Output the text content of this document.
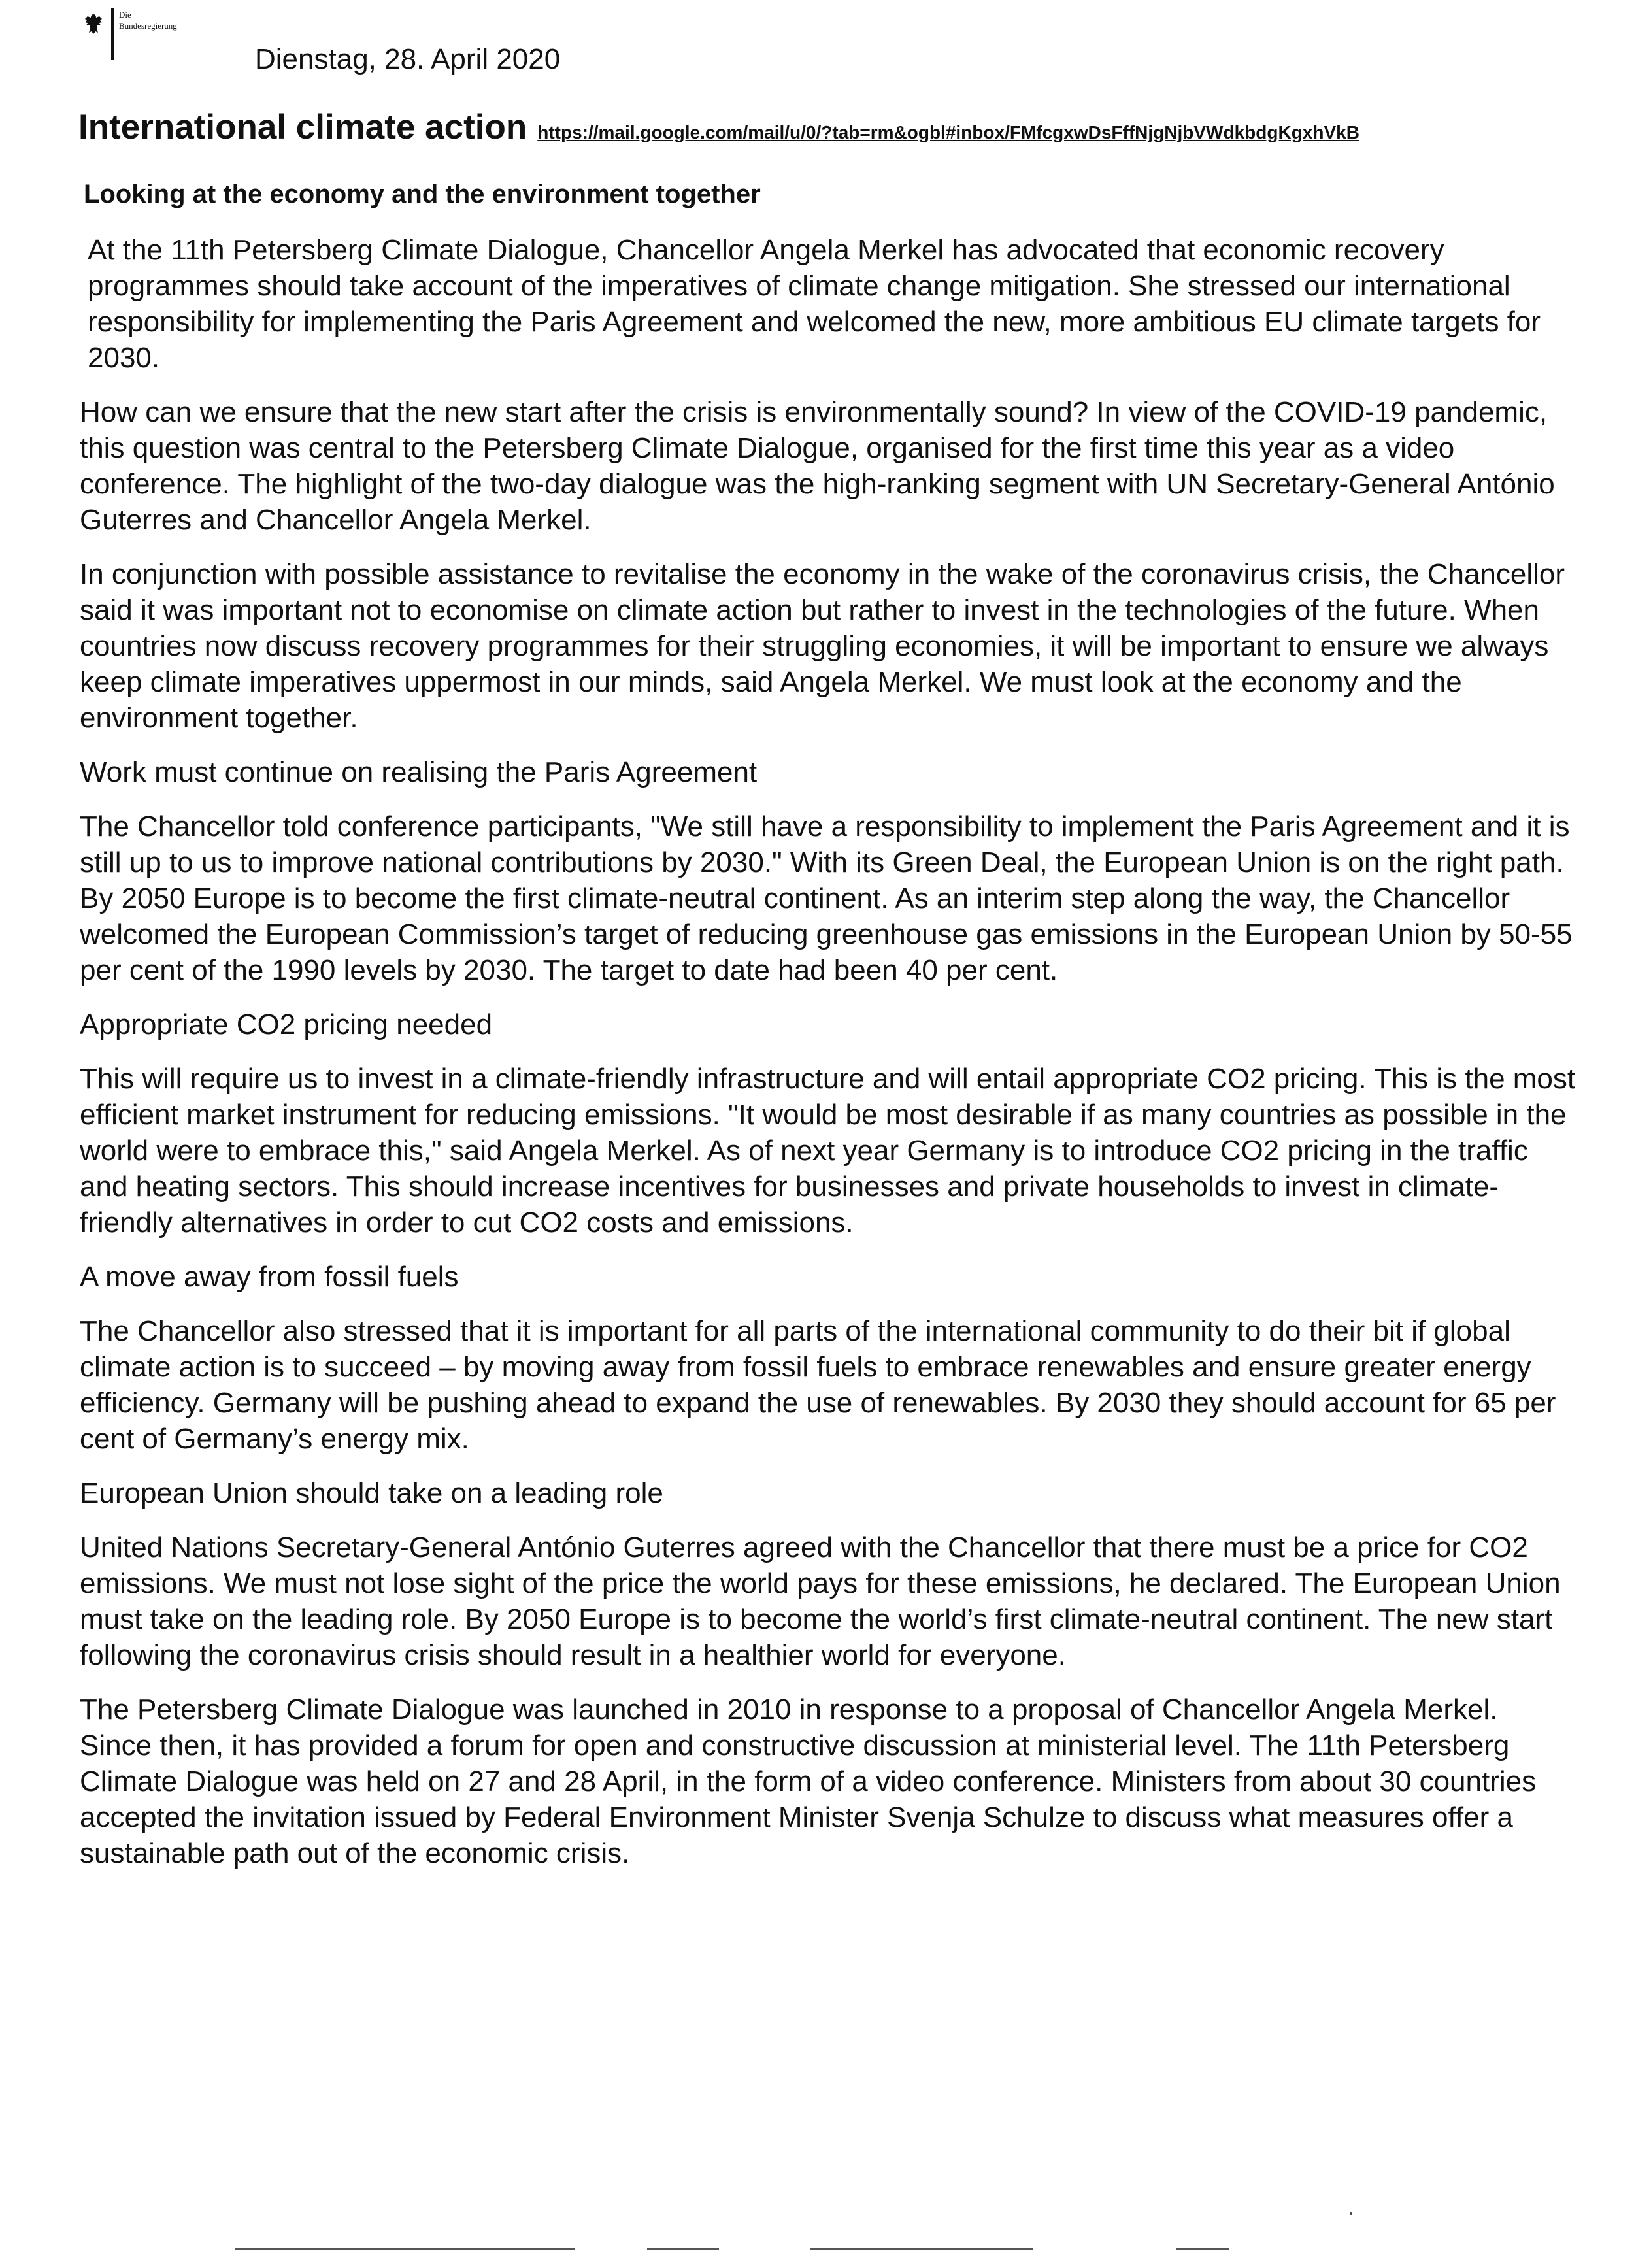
Die
Bundesregierung
Dienstag, 28. April 2020
International climate action https://mail.google.com/mail/u/0/?tab=rm&ogbl#inbox/FMfcgxwDsFffNjgNjbVWdkbdgKgxhVkB
Looking at the economy and the environment together

At the 11th Petersberg Climate Dialogue, Chancellor Angela Merkel has advocated that economic recovery programmes should take account of the imperatives of climate change mitigation. She stressed our international responsibility for implementing the Paris Agreement and welcomed the new, more ambitious EU climate targets for 2030.

How can we ensure that the new start after the crisis is environmentally sound? In view of the COVID-19 pandemic, this question was central to the Petersberg Climate Dialogue, organised for the first time this year as a video conference. The highlight of the two-day dialogue was the high-ranking segment with UN Secretary-General António Guterres and Chancellor Angela Merkel.

In conjunction with possible assistance to revitalise the economy in the wake of the coronavirus crisis, the Chancellor said it was important not to economise on climate action but rather to invest in the technologies of the future. When countries now discuss recovery programmes for their struggling economies, it will be important to ensure we always keep climate imperatives uppermost in our minds, said Angela Merkel. We must look at the economy and the environment together.

Work must continue on realising the Paris Agreement

The Chancellor told conference participants, "We still have a responsibility to implement the Paris Agreement and it is still up to us to improve national contributions by 2030." With its Green Deal, the European Union is on the right path. By 2050 Europe is to become the first climate-neutral continent. As an interim step along the way, the Chancellor welcomed the European Commission’s target of reducing greenhouse gas emissions in the European Union by 50-55 per cent of the 1990 levels by 2030. The target to date had been 40 per cent.

Appropriate CO2 pricing needed

This will require us to invest in a climate-friendly infrastructure and will entail appropriate CO2 pricing. This is the most efficient market instrument for reducing emissions. "It would be most desirable if as many countries as possible in the world were to embrace this," said Angela Merkel. As of next year Germany is to introduce CO2 pricing in the traffic and heating sectors. This should increase incentives for businesses and private households to invest in climate-friendly alternatives in order to cut CO2 costs and emissions.

A move away from fossil fuels

The Chancellor also stressed that it is important for all parts of the international community to do their bit if global climate action is to succeed – by moving away from fossil fuels to embrace renewables and ensure greater energy efficiency. Germany will be pushing ahead to expand the use of renewables. By 2030 they should account for 65 per cent of Germany’s energy mix.

European Union should take on a leading role

United Nations Secretary-General António Guterres agreed with the Chancellor that there must be a price for CO2 emissions. We must not lose sight of the price the world pays for these emissions, he declared. The European Union must take on the leading role. By 2050 Europe is to become the world’s first climate-neutral continent. The new start following the coronavirus crisis should result in a healthier world for everyone.

The Petersberg Climate Dialogue was launched in 2010 in response to a proposal of Chancellor Angela Merkel. Since then, it has provided a forum for open and constructive discussion at ministerial level. The 11th Petersberg Climate Dialogue was held on 27 and 28 April, in the form of a video conference. Ministers from about 30 countries accepted the invitation issued by Federal Environment Minister Svenja Schulze to discuss what measures offer a sustainable path out of the economic crisis.
